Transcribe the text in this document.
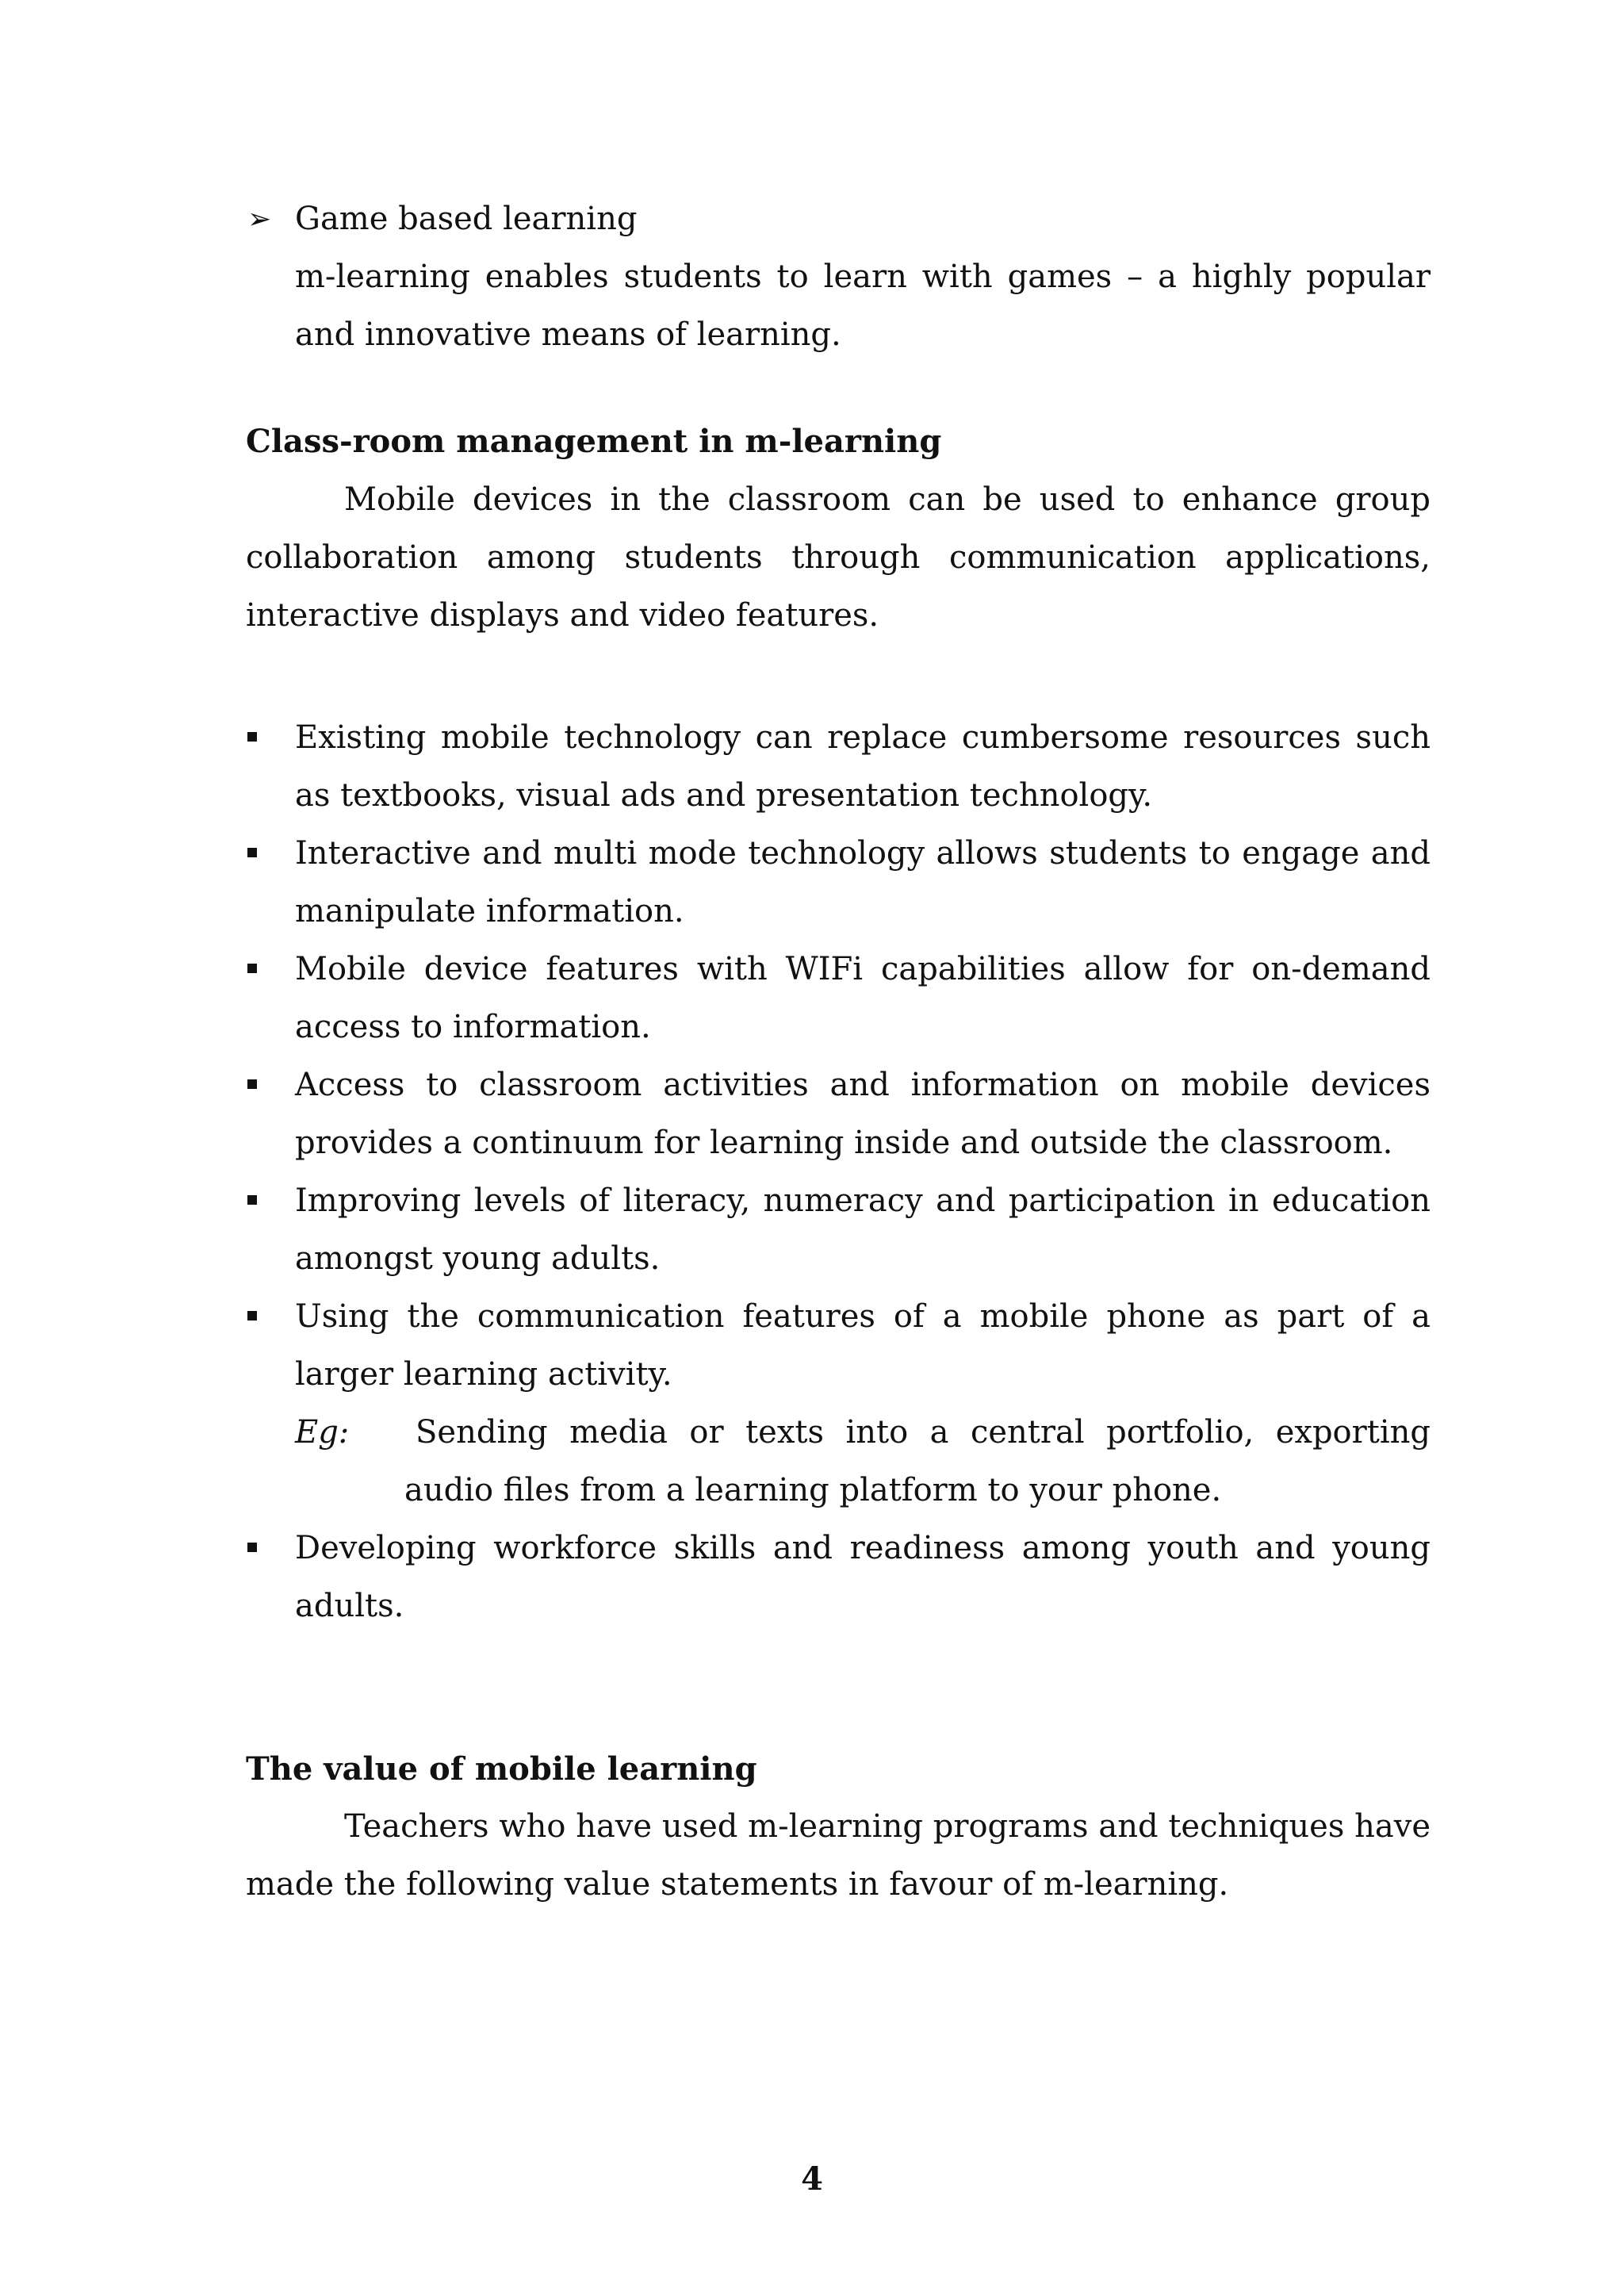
➢ Game based learning
m-learning enables students to learn with games – a highly popular and innovative means of learning.
Class-room management in m-learning
Mobile devices in the classroom can be used to enhance group collaboration among students through communication applications, interactive displays and video features.
Existing mobile technology can replace cumbersome resources such as textbooks, visual ads and presentation technology.
Interactive and multi mode technology allows students to engage and manipulate information.
Mobile device features with WIFi capabilities allow for on-demand access to information.
Access to classroom activities and information on mobile devices provides a continuum for learning inside and outside the classroom.
Improving levels of literacy, numeracy and participation in education amongst young adults.
Using the communication features of a mobile phone as part of a larger learning activity.
Eg: Sending media or texts into a central portfolio, exporting audio files from a learning platform to your phone.
Developing workforce skills and readiness among youth and young adults.
The value of mobile learning
Teachers who have used m-learning programs and techniques have made the following value statements in favour of m-learning.
4
